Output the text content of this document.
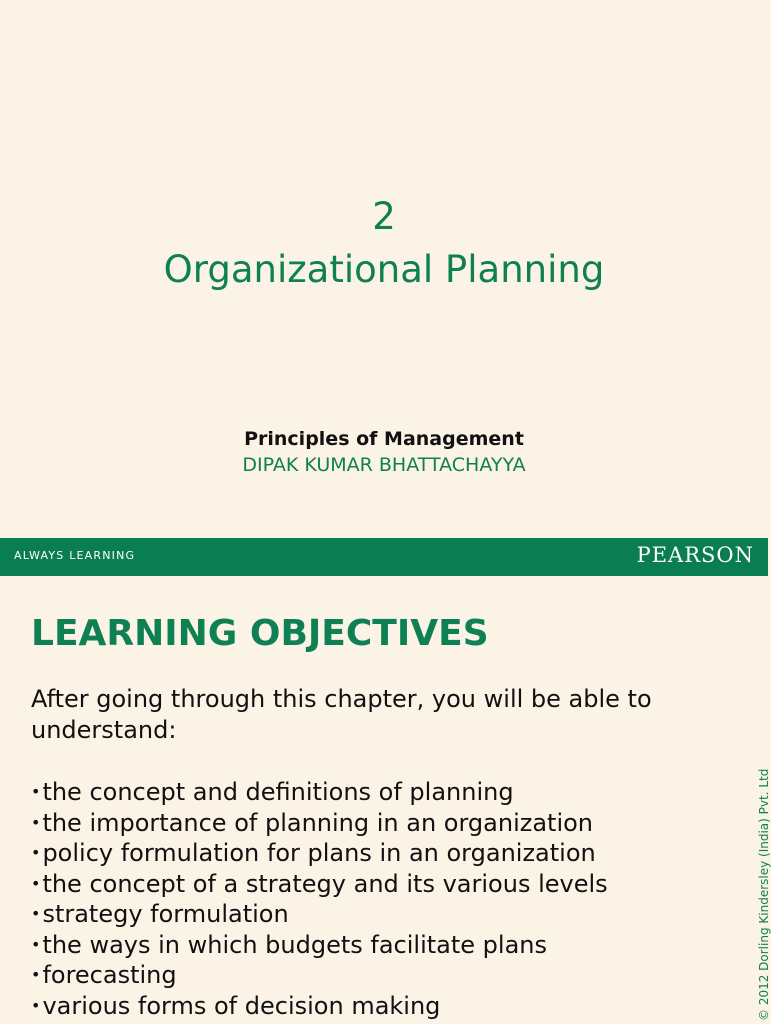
2
Organizational Planning
Principles of Management
DIPAK KUMAR BHATTACHAYYA
ALWAYS LEARNING	PEARSON
LEARNING OBJECTIVES
After going through this chapter, you will be able to understand:
•the concept and definitions of planning
•the importance of planning in an organization
•policy formulation for plans in an organization
•the concept of a strategy and its various levels
•strategy formulation
•the ways in which budgets facilitate plans
•forecasting
•various forms of decision making	© 2012 Dorling Kindersley (India) Pvt. Ltd
